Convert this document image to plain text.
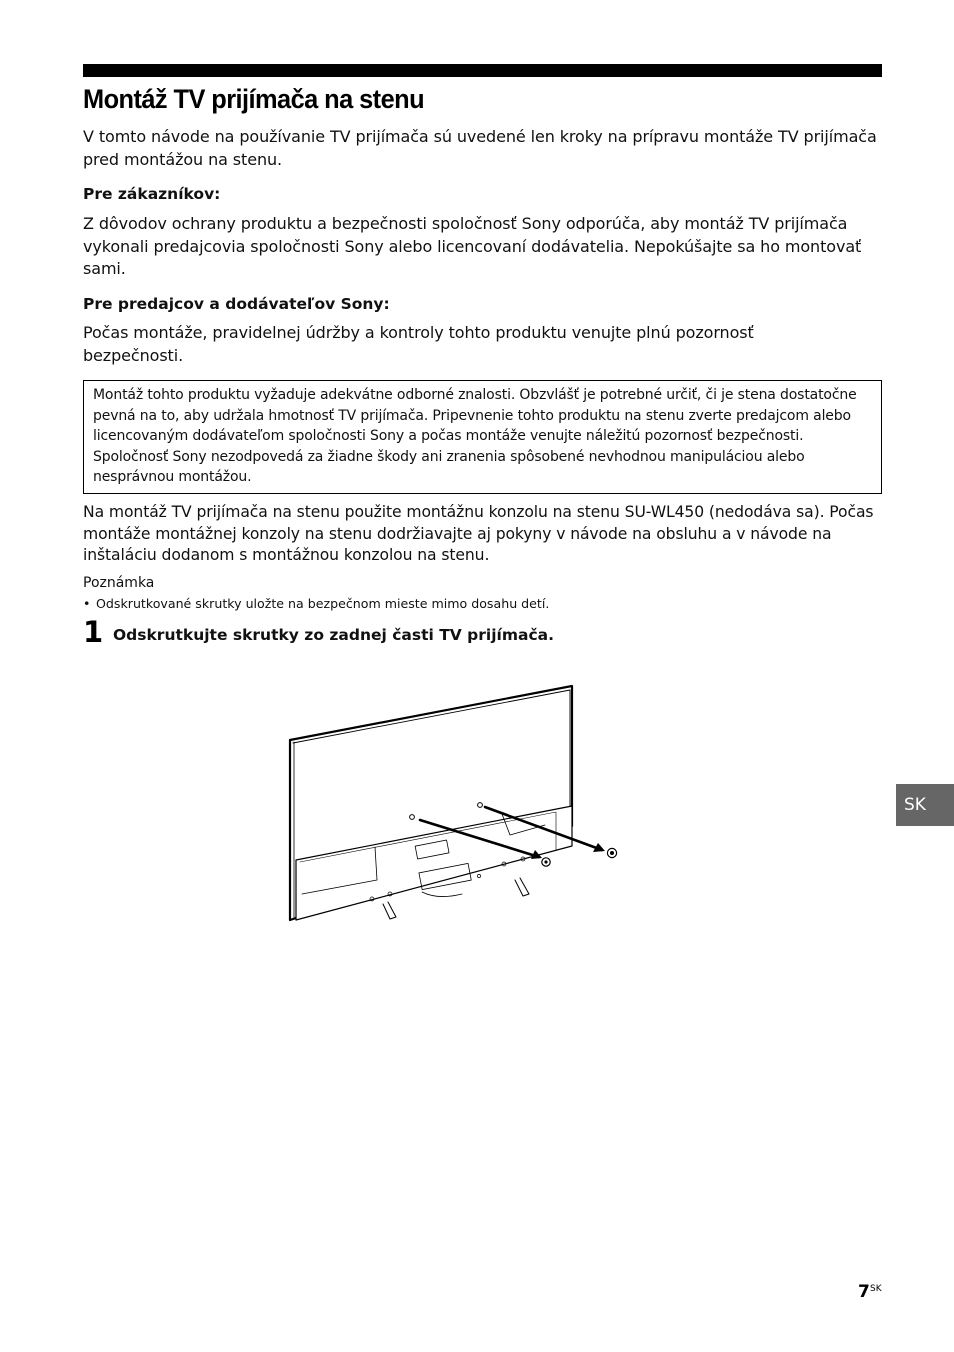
Montáž TV prijímača na stenu

V tomto návode na používanie TV prijímača sú uvedené len kroky na prípravu montáže TV prijímača pred montážou na stenu.

Pre zákazníkov:

Z dôvodov ochrany produktu a bezpečnosti spoločnosť Sony odporúča, aby montáž TV prijímača vykonali predajcovia spoločnosti Sony alebo licencovaní dodávatelia. Nepokúšajte sa ho montovať sami.

Pre predajcov a dodávateľov Sony:

Počas montáže, pravidelnej údržby a kontroly tohto produktu venujte plnú pozornosť bezpečnosti.

Montáž tohto produktu vyžaduje adekvátne odborné znalosti. Obzvlášť je potrebné určiť, či je stena dostatočne pevná na to, aby udržala hmotnosť TV prijímača. Pripevnenie tohto produktu na stenu zverte predajcom alebo licencovaným dodávateľom spoločnosti Sony a počas montáže venujte náležitú pozornosť bezpečnosti. Spoločnosť Sony nezodpovedá za žiadne škody ani zranenia spôsobené nevhodnou manipuláciou alebo nesprávnou montážou.

Na montáž TV prijímača na stenu použite montážnu konzolu na stenu SU-WL450 (nedodáva sa). Počas montáže montážnej konzoly na stenu dodržiavajte aj pokyny v návode na obsluhu a v návode na inštaláciu dodanom s montážnou konzolou na stenu.

Poznámka

• Odskrutkované skrutky uložte na bezpečnom mieste mimo dosahu detí.

1 Odskrutkujte skrutky zo zadnej časti TV prijímača.
SK
7 SK
